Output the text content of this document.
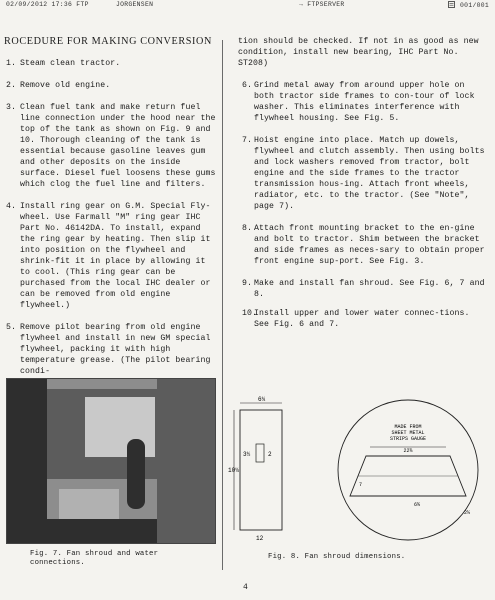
02/09/2012 17:36 FTP	JORGENSEN	→ FTPSERVER	001/001
ROCEDURE FOR MAKING CONVERSION
1. Steam clean tractor.
2. Remove old engine.
3. Clean fuel tank and make return fuel line connection under the hood near the top of the tank as shown on Fig. 9 and 10. Thorough cleaning of the tank is essential because gasoline leaves gum and other deposits on the inside surface. Diesel fuel loosens these gums which clog the fuel line and filters.
4. Install ring gear on G.M. Special Fly-wheel. Use Farmall "M" ring gear IHC Part No. 46142DA. To install, expand the ring gear by heating. Then slip it into position on the flywheel and shrink-fit it in place by allowing it to cool. (This ring gear can be purchased from the local IHC dealer or can be removed from old engine flywheel.)
5. Remove pilot bearing from old engine flywheel and install in new GM special flywheel, packing it with high temperature grease. (The pilot bearing condi-
tion should be checked. If not in as good as new condition, install new bearing, IHC Part No. ST208)
6. Grind metal away from around upper hole on both tractor side frames to con-tour of lock washer. This eliminates interference with flywheel housing. See Fig. 5.
7. Hoist engine into place. Match up dowels, flywheel and clutch assembly. Then using bolts and lock washers removed from tractor, bolt engine and the side frames to the tractor transmission hous-ing. Attach front wheels, radiator, etc. to the tractor. (See "Note", page 7).
8. Attach front mounting bracket to the en-gine and bolt to tractor. Shim between the bracket and side frames as neces-sary to obtain proper front engine sup-port. See Fig. 3.
9. Make and install fan shroud. See Fig. 6, 7 and 8.
10.
Install upper and lower water connec-tions. See Fig. 6 and 7.
Fig. 7. Fan shroud and water connections.
6¼
3½	2
10¼
12
MADE FROM
SHEET METAL
STRIPS GAUGE
22¾
7
6¾
2¼
Fig. 8. Fan shroud dimensions.
4
